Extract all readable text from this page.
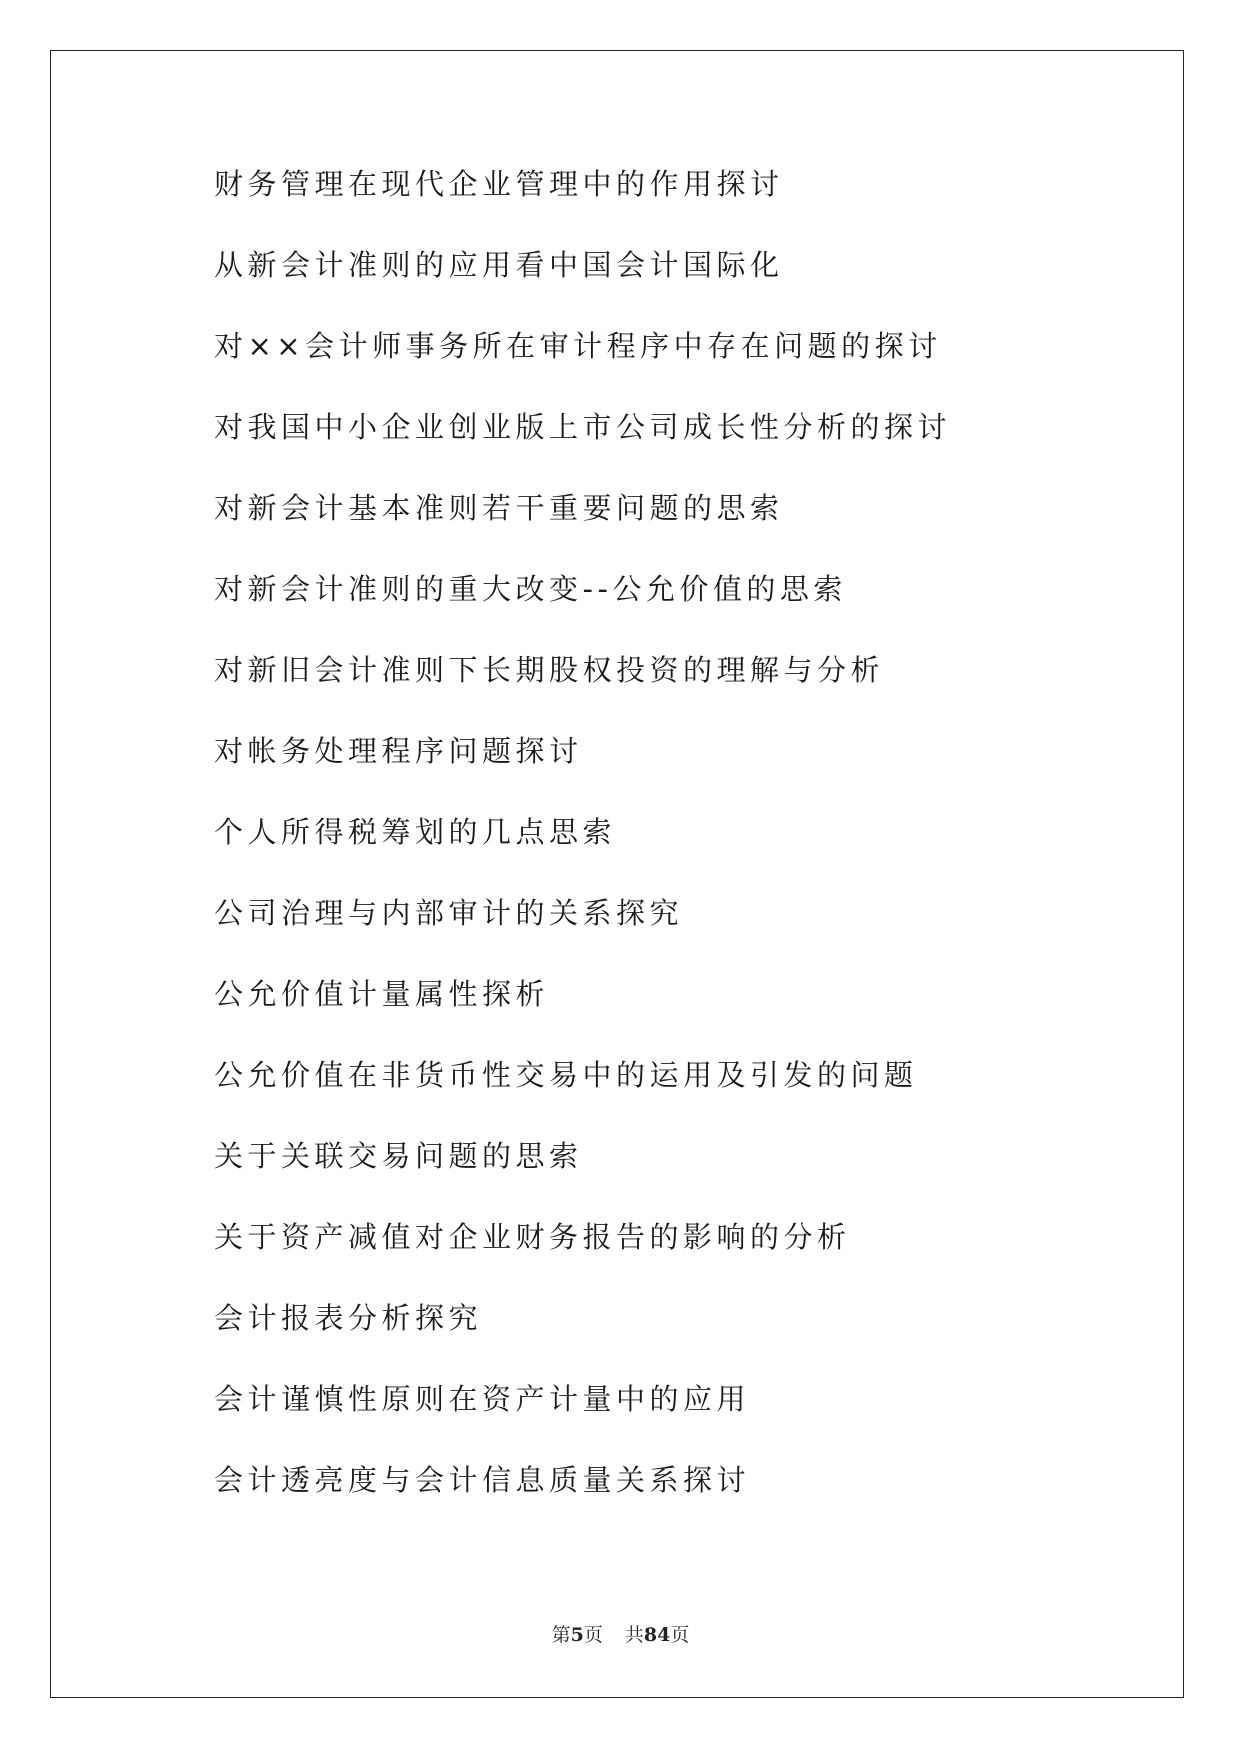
财务管理在现代企业管理中的作用探讨
从新会计准则的应用看中国会计国际化
对××会计师事务所在审计程序中存在问题的探讨
对我国中小企业创业版上市公司成长性分析的探讨
对新会计基本准则若干重要问题的思索
对新会计准则的重大改变--公允价值的思索
对新旧会计准则下长期股权投资的理解与分析
对帐务处理程序问题探讨
个人所得税筹划的几点思索
公司治理与内部审计的关系探究
公允价值计量属性探析
公允价值在非货币性交易中的运用及引发的问题
关于关联交易问题的思索
关于资产减值对企业财务报告的影响的分析
会计报表分析探究
会计谨慎性原则在资产计量中的应用
会计透亮度与会计信息质量关系探讨
第5页 共84页
